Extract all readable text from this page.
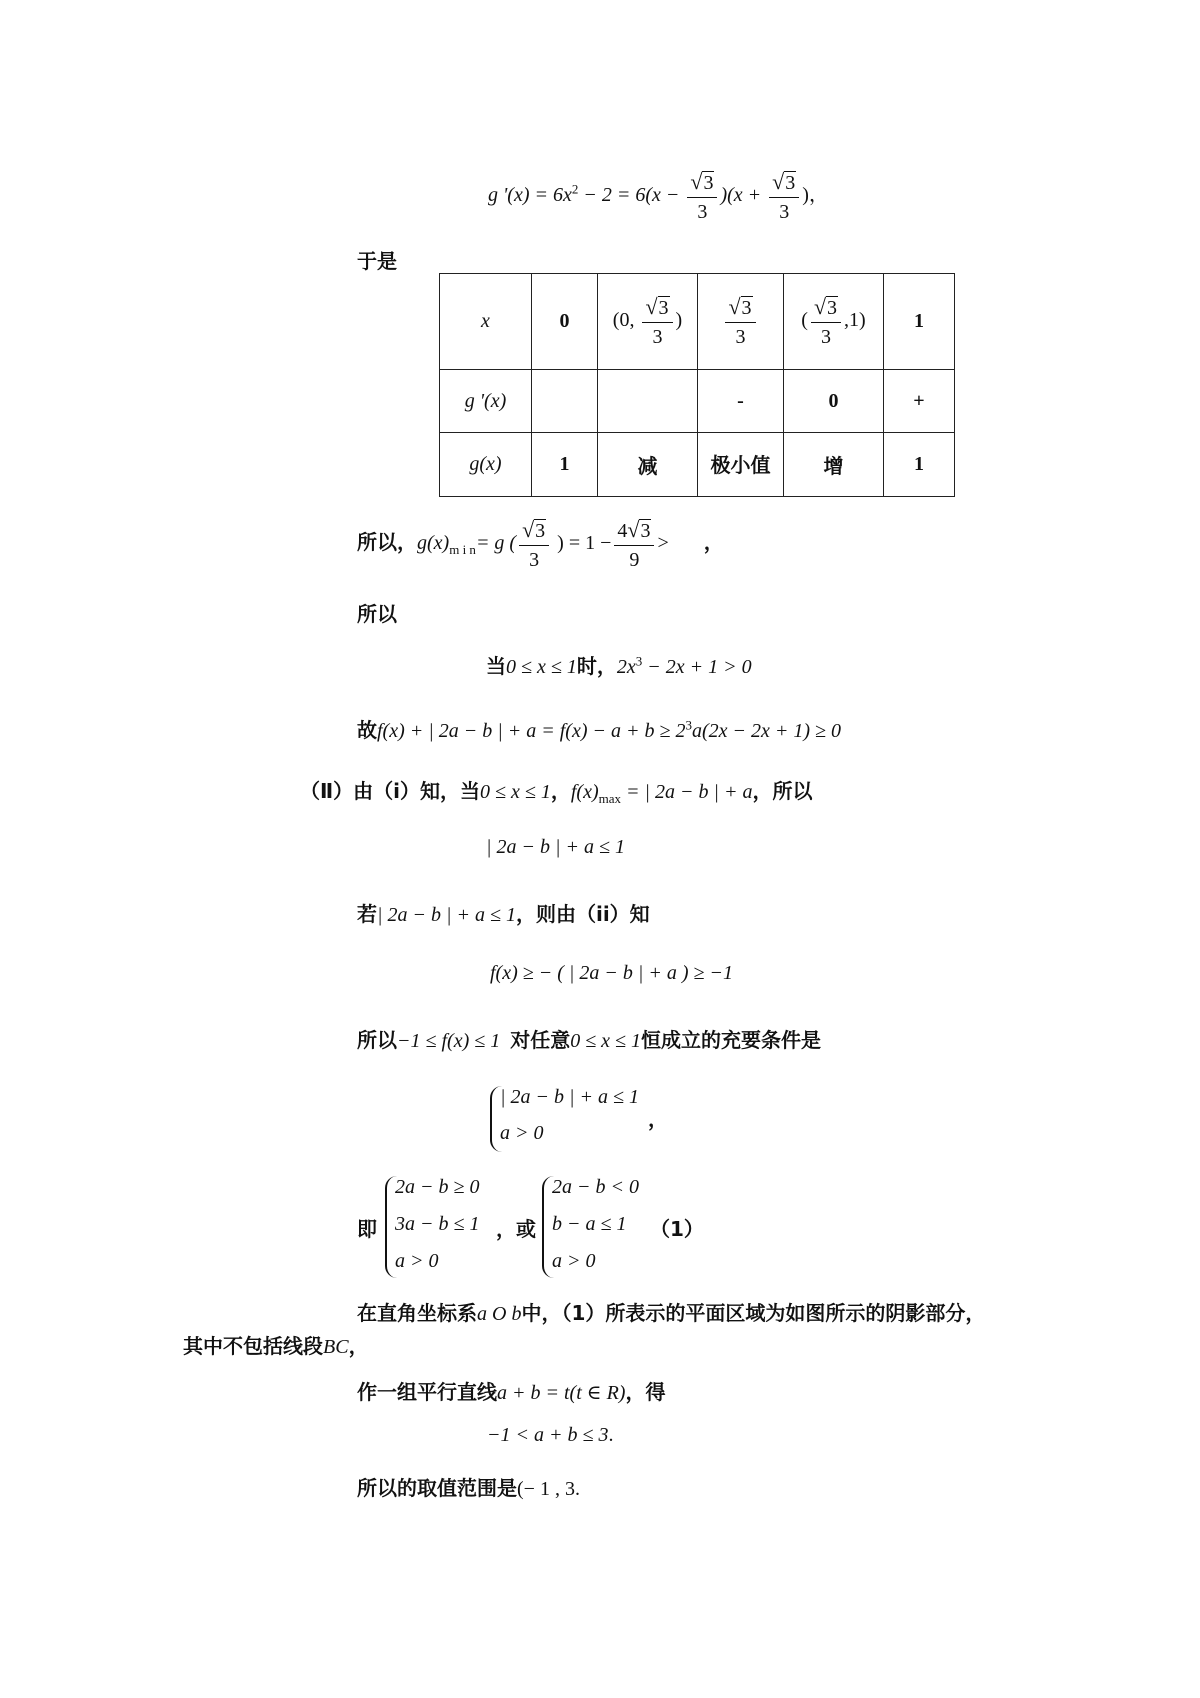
g '$(x) = 6x^2 - 2 = 6(x - \frac{√3}{3} )(x + \frac{√3}{3}$ )，
于是
x	0	(0, $\frac{√3}{3}$ )	$\frac{√3}{3}$	( $\frac{√3}{3} ,1$)	1
g '(x)			-	0	+
g(x)	1	减	极小值	增	1
所以，$g(x)_{m i n}= g$ ( $\frac{√3}{3}$ ) = $1 - \frac{4√3}{9}$ > ，
所以
当0 ≤ x ≤ 1时，$2x^3 - 2x + 1 > 0$
故f(x) + | 2a − b | + $a = f(x) - a + b \ge 2^3a(2x - 2x + 1) \ge 0$
（Ⅱ）由（i）知，当0 ≤ x ≤ 1，$f(x)_{max}$ = | 2a − b | + a，所以
| 2a − b | + a ≤ 1
若| 2a − b | + a ≤ 1，则由（ii）知
f(x) ≥ − ( | 2a − b | + a ) ≥ −1
所以−1 ≤ f(x) ≤ 1 对任意0 ≤ x ≤ 1恒成立的充要条件是
| 2a − b | + a ≤ 1
a > 0
，
即
2a − b ≥ 0
3a − b ≤ 1
a > 0
，或
2a − b < 0
b − a ≤ 1
a > 0
（1）
在直角坐标系a O b中，（1）所表示的平面区域为如图所示的阴影部分，
其中不包括线段BC，
作一组平行直线a + b = t(t ∈ R)，得
−1 < a + b ≤ 3.
所以的取值范围是(− 1 , 3.
